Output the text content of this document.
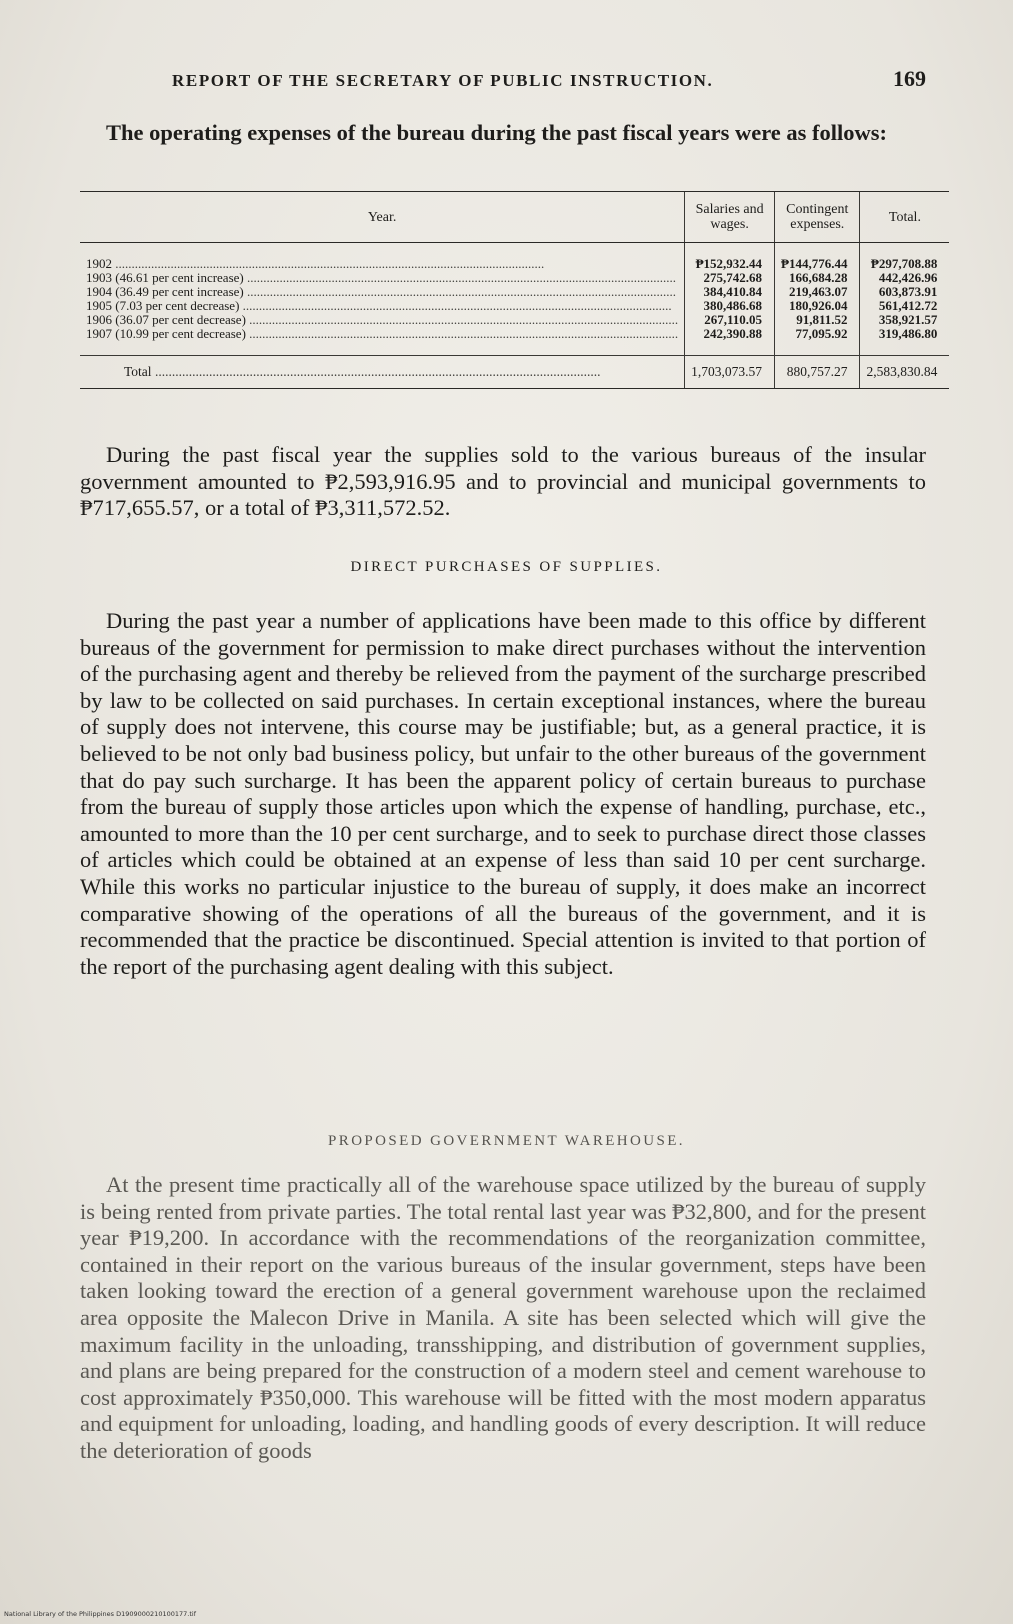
REPORT OF THE SECRETARY OF PUBLIC INSTRUCTION.	169

The operating expenses of the bureau during the past fiscal years were as follows:

Year.	Salaries and wages.	Contingent expenses.	Total.

1902 .....	₱152,932.44	₱144,776.44	₱297,708.88
1903 (46.61 per cent increase) .....	275,742.68	166,684.28	442,426.96
1904 (36.49 per cent increase) .....	384,410.84	219,463.07	603,873.91
1905 (7.03 per cent decrease) .....	380,486.68	180,926.04	561,412.72
1906 (36.07 per cent decrease) .....	267,110.05	91,811.52	358,921.57
1907 (10.99 per cent decrease) .....	242,390.88	77,095.92	319,486.80

Total .....	1,703,073.57	880,757.27	2,583,830.84

During the past fiscal year the supplies sold to the various bureaus of the insular government amounted to ₱2,593,916.95 and to provincial and municipal governments to ₱717,655.57, or a total of ₱3,311,572.52.

DIRECT PURCHASES OF SUPPLIES.

During the past year a number of applications have been made to this office by different bureaus of the government for permission to make direct purchases without the intervention of the purchasing agent and thereby be relieved from the payment of the surcharge prescribed by law to be collected on said purchases. In certain exceptional instances, where the bureau of supply does not intervene, this course may be justifiable; but, as a general practice, it is believed to be not only bad business policy, but unfair to the other bureaus of the government that do pay such surcharge. It has been the apparent policy of certain bureaus to purchase from the bureau of supply those articles upon which the expense of handling, purchase, etc., amounted to more than the 10 per cent surcharge, and to seek to purchase direct those classes of articles which could be obtained at an expense of less than said 10 per cent surcharge. While this works no particular injustice to the bureau of supply, it does make an incorrect comparative showing of the operations of all the bureaus of the government, and it is recommended that the practice be discontinued. Special attention is invited to that portion of the report of the purchasing agent dealing with this subject.

PROPOSED GOVERNMENT WAREHOUSE.

At the present time practically all of the warehouse space utilized by the bureau of supply is being rented from private parties. The total rental last year was ₱32,800, and for the present year ₱19,200. In accordance with the recommendations of the reorganization committee, contained in their report on the various bureaus of the insular government, steps have been taken looking toward the erection of a general government warehouse upon the reclaimed area opposite the Malecon Drive in Manila. A site has been selected which will give the maximum facility in the unloading, transshipping, and distribution of government supplies, and plans are being prepared for the construction of a modern steel and cement warehouse to cost approximately ₱350,000. This warehouse will be fitted with the most modern apparatus and equipment for unloading, loading, and handling goods of every description. It will reduce the deterioration of goods

National Library of the Philippines D1909000210100177.tif
